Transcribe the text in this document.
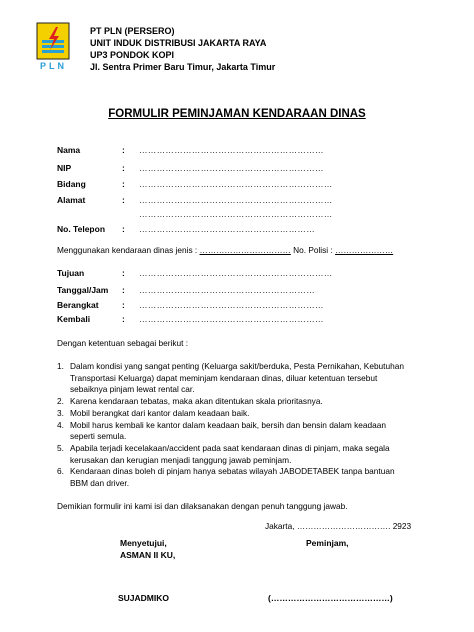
PLN
PT PLN (PERSERO)
UNIT INDUK DISTRIBUSI JAKARTA RAYA
UP3 PONDOK KOPI
Jl. Sentra Primer Baru Timur, Jakarta Timur
FORMULIR PEMINJAMAN KENDARAAN DINAS
Nama	: ………………………………………………………
NIP	: ………………………………………………………
Bidang	: …………………………………………………………
Alamat	: …………………………………………………………
…………………………………………………………
No. Telepon : ……………………………………………………
Menggunakan kendaraan dinas jenis : …………………………… No. Polisi : …………………
Tujuan	: …………………………………………………………
Tanggal/Jam : ……………………………………………………
Berangkat	: ………………………………………………………
Kembali	: ………………………………………………………
Dengan ketentuan sebagai berikut :
1. Dalam kondisi yang sangat penting (Keluarga sakit/berduka, Pesta Pernikahan, Kebutuhan
Transportasi Keluarga) dapat meminjam kendaraan dinas, diluar ketentuan tersebut
sebaiknya pinjam lewat rental car.
2. Karena kendaraan tebatas, maka akan ditentukan skala prioritasnya.
3. Mobil berangkat dari kantor dalam keadaan baik.
4. Mobil harus kembali ke kantor dalam keadaan baik, bersih dan bensin dalam keadaan
seperti semula.
5. Apabila terjadi kecelakaan/accident pada saat kendaraan dinas di pinjam, maka segala
kerusakan dan kerugian menjadi tanggung jawab peminjam.
6. Kendaraan dinas boleh di pinjam hanya sebatas wilayah JABODETABEK tanpa bantuan
BBM dan driver.
Demikian formulir ini kami isi dan dilaksanakan dengan penuh tanggung jawab.
Jakarta, ……………………………. 2923
Menyetujui,	Peminjam,
ASMAN II KU,
SUJADMIKO	(……………………………………)
